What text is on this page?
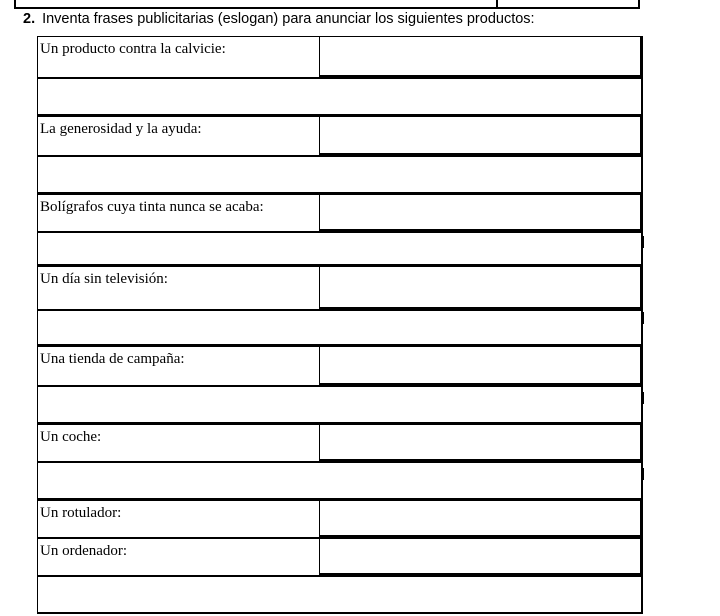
2. Inventa frases publicitarias (eslogan) para anunciar los siguientes productos:
Un producto contra la calvicie:
La generosidad y la ayuda:
Bolígrafos cuya tinta nunca se acaba:
Un día sin televisión:
Una tienda de campaña:
Un coche:
Un rotulador:
Un ordenador:
